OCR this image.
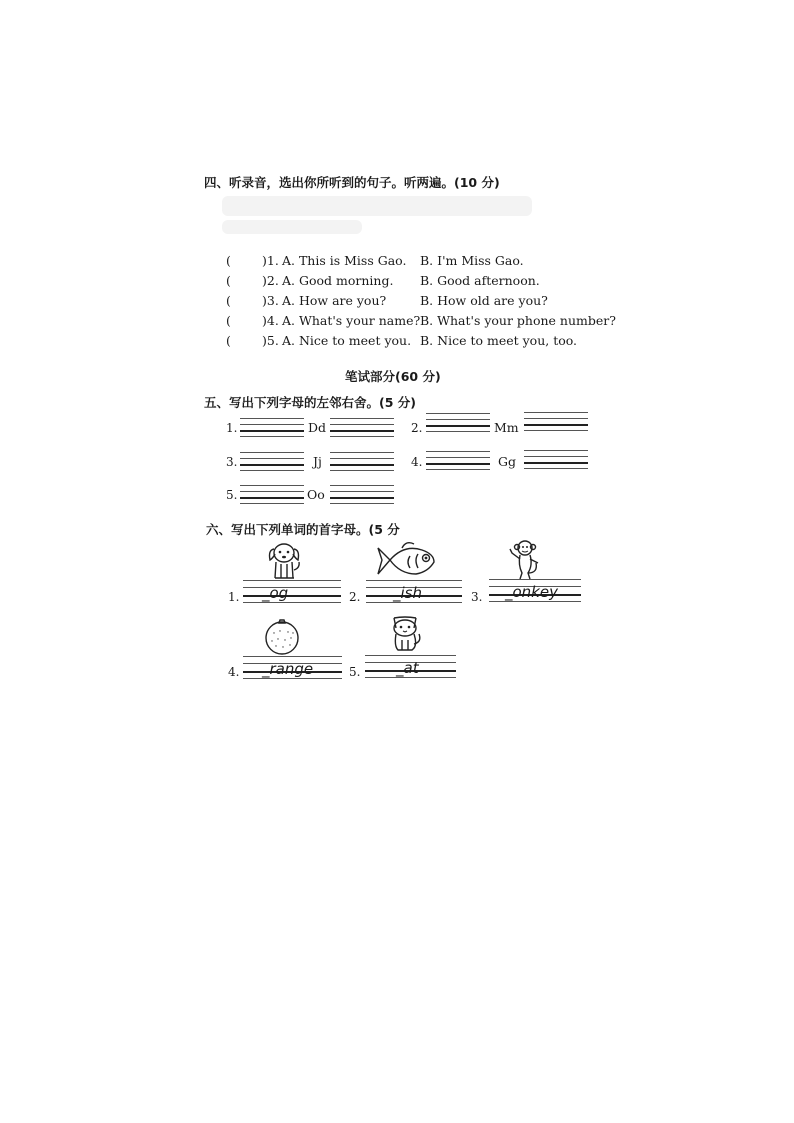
四、听录音，选出你所听到的句子。听两遍。(10 分)
( )1. A. This is Miss Gao. B. I'm Miss Gao.
( )2. A. Good morning. B. Good afternoon.
( )3. A. How are you?	B. How old are you?
( )4. A. What's your name? B. What's your phone number?
( )5. A. Nice to meet you. B. Nice to meet you, too.
笔试部分(60 分)
五、写出下列字母的左邻右舍。(5 分)
1.	Dd	2.	Mm
3.	Jj	4.	Gg
5.	Oo
六、写出下列单词的首字母。(5 分
1. _og	2. _ish	3. _onkey
4. _range	5. _at
